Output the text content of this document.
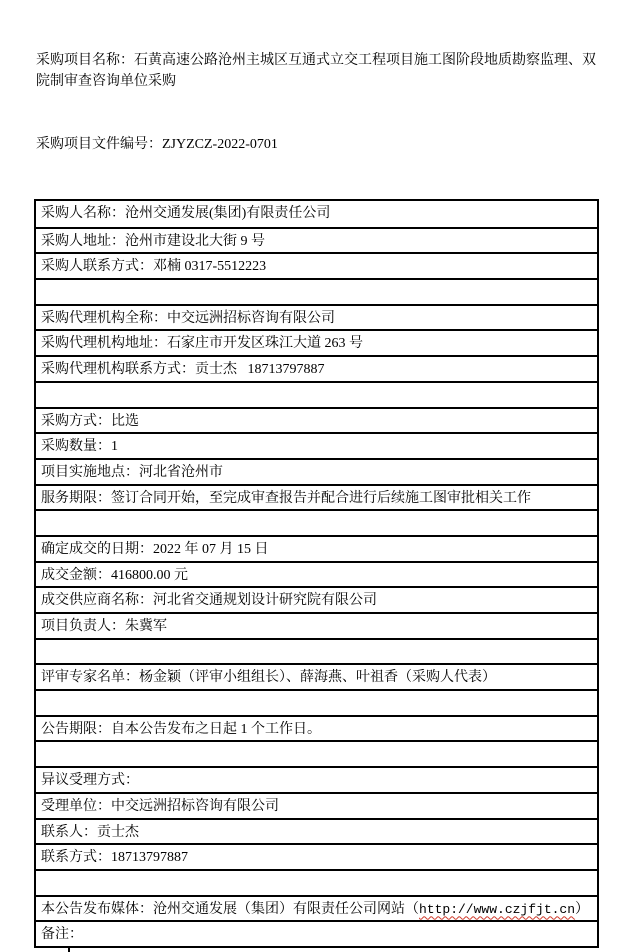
采购项目名称：石黄高速公路沧州主城区互通式立交工程项目施工图阶段地质勘察监理、双院制审查咨询单位采购

采购项目文件编号：ZJYZCZ-2022-0701

采购人名称：沧州交通发展(集团)有限责任公司
采购人地址：沧州市建设北大街 9 号
采购人联系方式：邓楠 0317-5512223
采购代理机构全称：中交远洲招标咨询有限公司
采购代理机构地址：石家庄市开发区珠江大道 263 号
采购代理机构联系方式：贡士杰   18713797887
采购方式：比选
采购数量：1
项目实施地点：河北省沧州市
服务期限：签订合同开始，至完成审查报告并配合进行后续施工图审批相关工作
确定成交的日期：2022 年 07 月 15 日
成交金额：416800.00 元
成交供应商名称：河北省交通规划设计研究院有限公司
项目负责人：朱冀军
评审专家名单：杨金颖（评审小组组长）、薛海燕、叶祖香（采购人代表）
公告期限：自本公告发布之日起 1 个工作日。
异议受理方式：
受理单位：中交远洲招标咨询有限公司
联系人：贡士杰
联系方式：18713797887
本公告发布媒体：沧州交通发展（集团）有限责任公司网站（http://www.czjfjt.cn）
备注：
